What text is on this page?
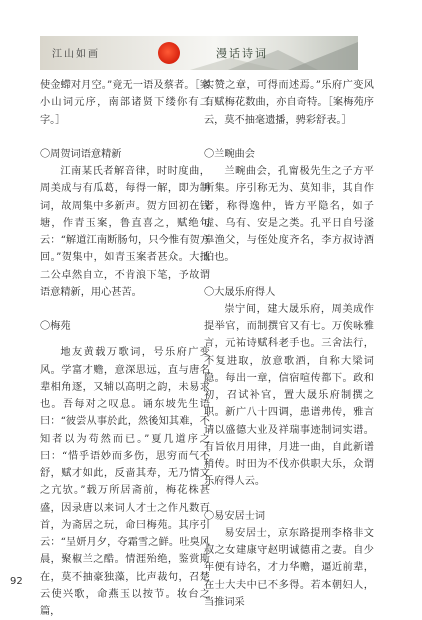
江山如画	漫话诗词

使金螮对月空。”竟无一语及蔡者。［案小山词元序，南部诸贤下缕你有二字。］

〇周贺词语意精新

江南某氏者解音律，时时度曲，周美成与有瓜葛，每得一解，即为制词，故周集中多新声。贺方回初在钱塘，作青玉案，鲁直喜之，赋绝句云：“解道江南断肠句，只今惟有贺方回。”贺集中，如青玉案者甚众。大抵二公卓然自立，不肯浪下笔，予故谓语意精新，用心甚苦。

〇梅苑

地友黄载万歌词，号乐府广变风。学富才赡，意深思远，直与唐名辈相角逐，又辅以高明之韵，未易求也。吾每对之叹息。诵东坡先生语曰：“彼尝从事於此，然後知其难，不知者以为苟然而已。”夏几道序之曰：“惜乎语妙而多伤，思穷而气不舒，赋才如此，反啬其寿，无乃情文之亢欤。”载万所居斋前，梅花株甚盛，因录唐以来词人才士之作凡数百首，为斋居之玩，命曰梅苑。其序引云：“呈妍月夕，夺霜雪之鲜。吐臭风晨，聚椒兰之酷。情涯殆绝，鉴赏斯在，莫不抽豪独藻，比声裁句，召楚云使兴歌，命燕玉以按节。妆台之篇，

实赞之章，可得而述焉。”乐府广变风有赋梅花数曲，亦自奇特。［案梅苑序云，莫不抽毫遗播，骋彩舒表。］

〇兰畹曲会

兰畹曲会，孔甯极先生之子方平所集。序引称无为、莫知非，其自作者，称得逸仲，皆方平隐名，如子虚、乌有、安是之类。孔平日自号滏皋渔父，与侄处度齐名，李方叔诗酒伯也。

〇大晟乐府得人

崇宁间，建大晟乐府，周美成作提举官，而制撰官又有七。万俟咏雅言，元祐诗赋科老手也。三舍法行，不复进取，放意歌酒，自称大梁词隐。每出一章，信宿喧传都下。政和初，召试补官，置大晟乐府制撰之职。新广八十四调，患谱弗传，雅言请以盛德大业及祥瑞事迹制词实谱。有旨依月用律，月进一曲，自此新谱稍传。时田为不伐亦供职大乐，众谓乐府得人云。

〇易安居士词

易安居士，京东路提刑李格非文叔之女建康守赵明诚德甫之妻。自少年便有诗名，才力华赡，逼近前辈，在士大夫中已不多得。若本朝妇人，当推词采

92
